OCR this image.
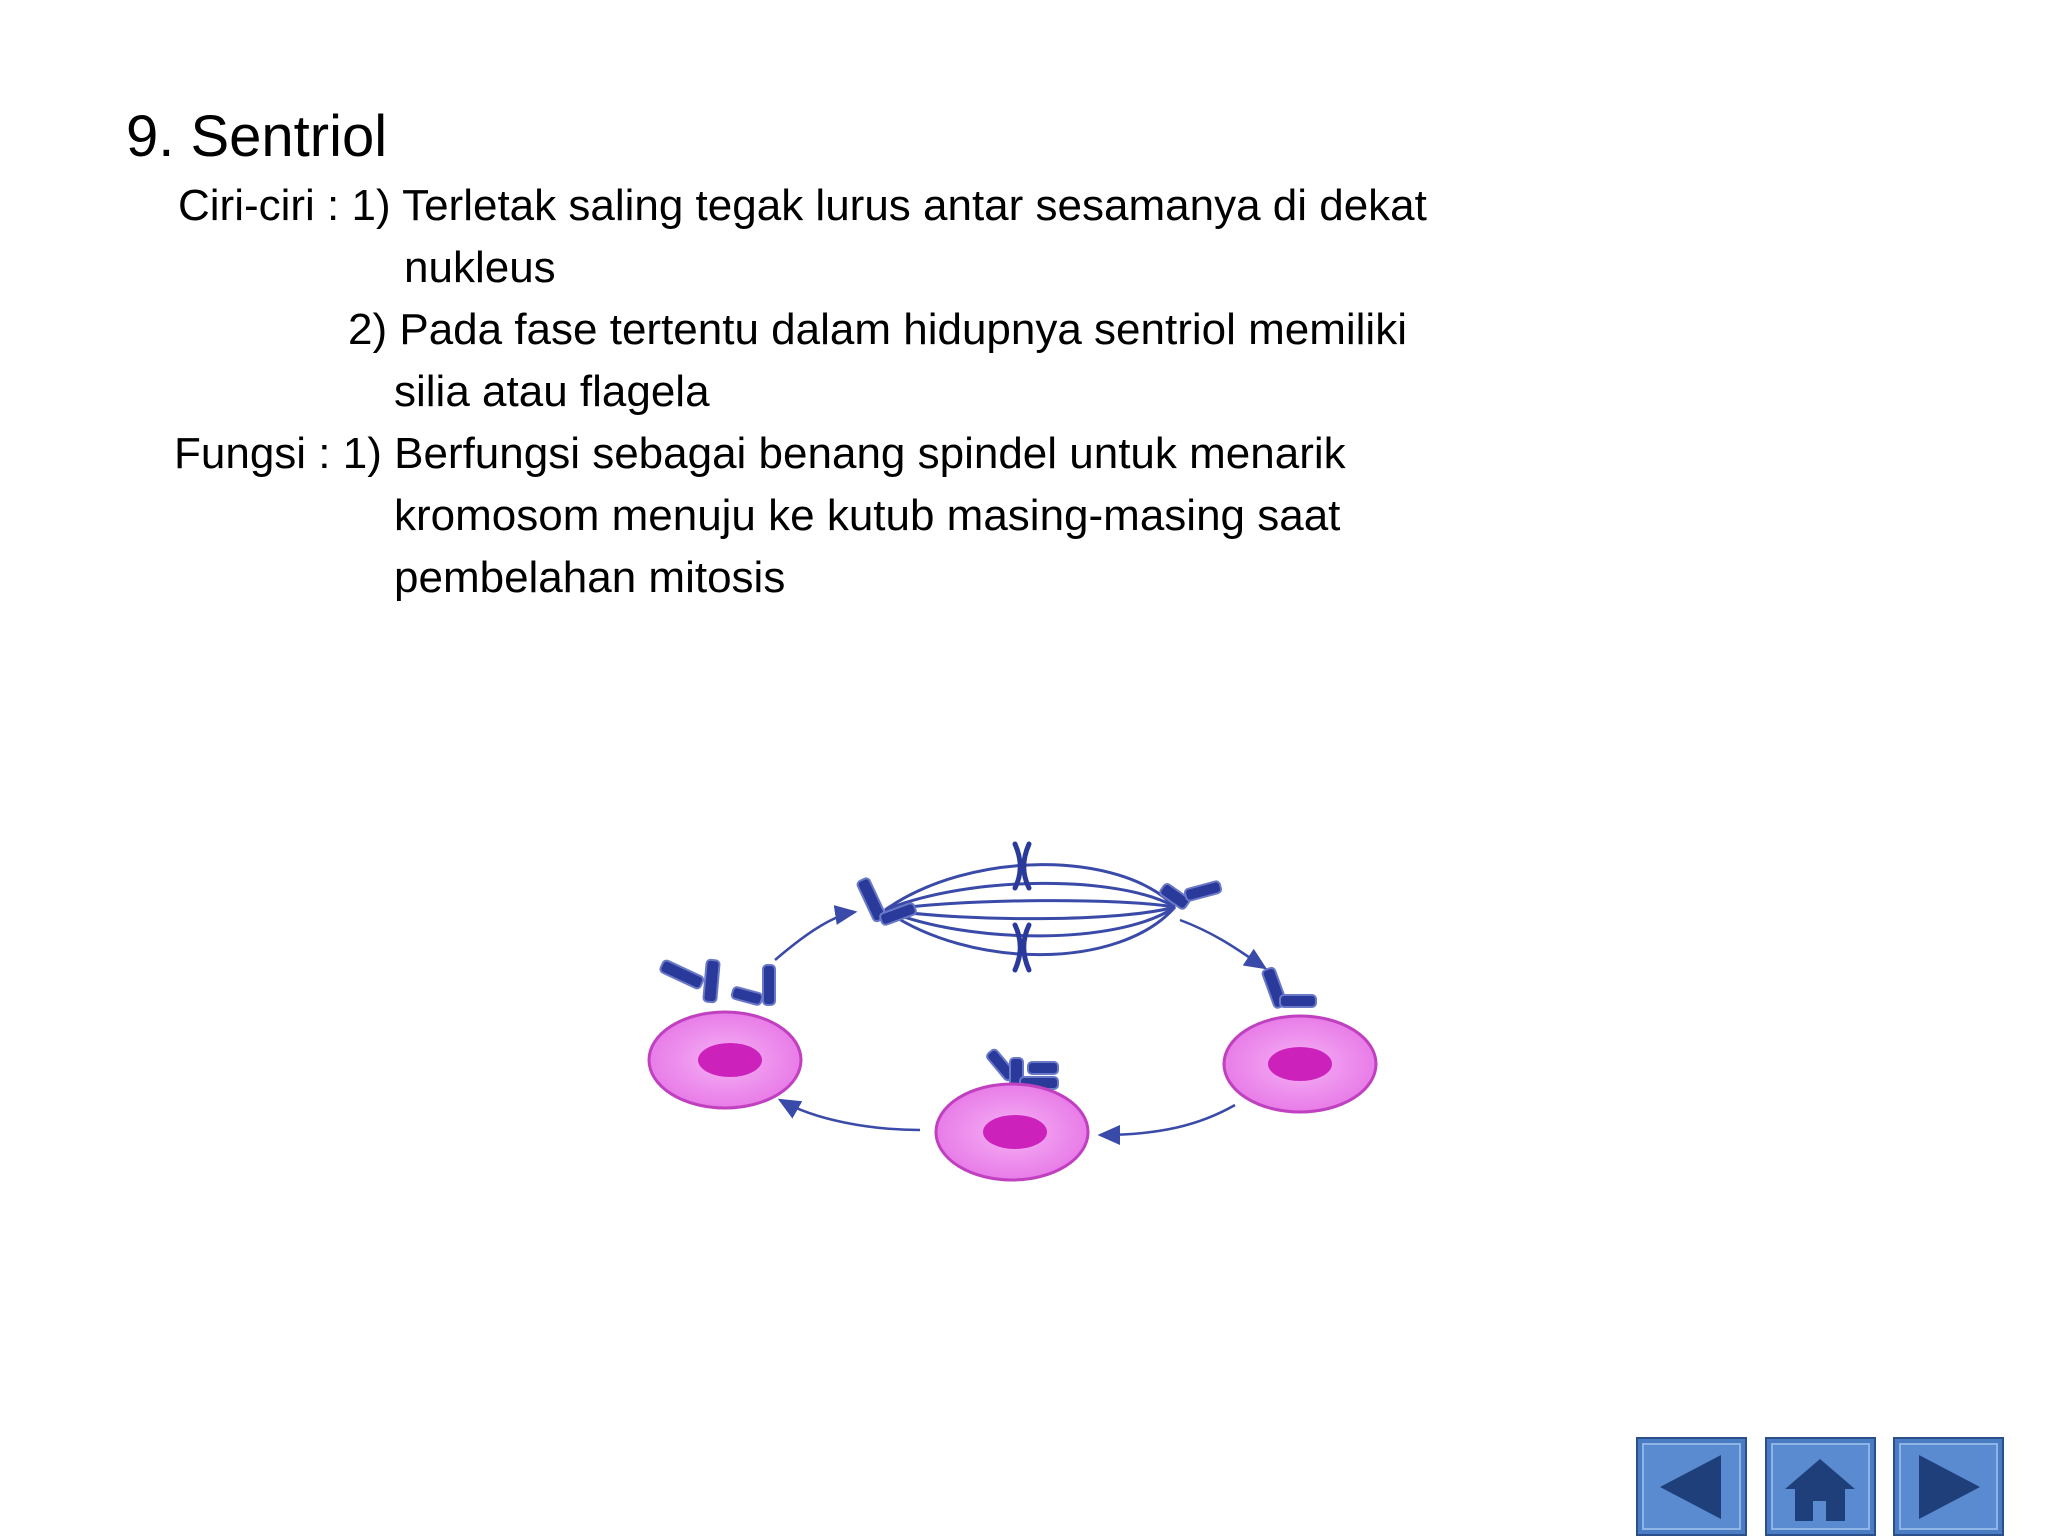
9. Sentriol
Ciri-ciri : 1) Terletak saling tegak lurus antar sesamanya di dekat
nukleus
2) Pada fase tertentu dalam hidupnya sentriol memiliki
silia atau flagela
Fungsi : 1) Berfungsi sebagai benang spindel untuk menarik
kromosom menuju ke kutub masing-masing saat
pembelahan mitosis
